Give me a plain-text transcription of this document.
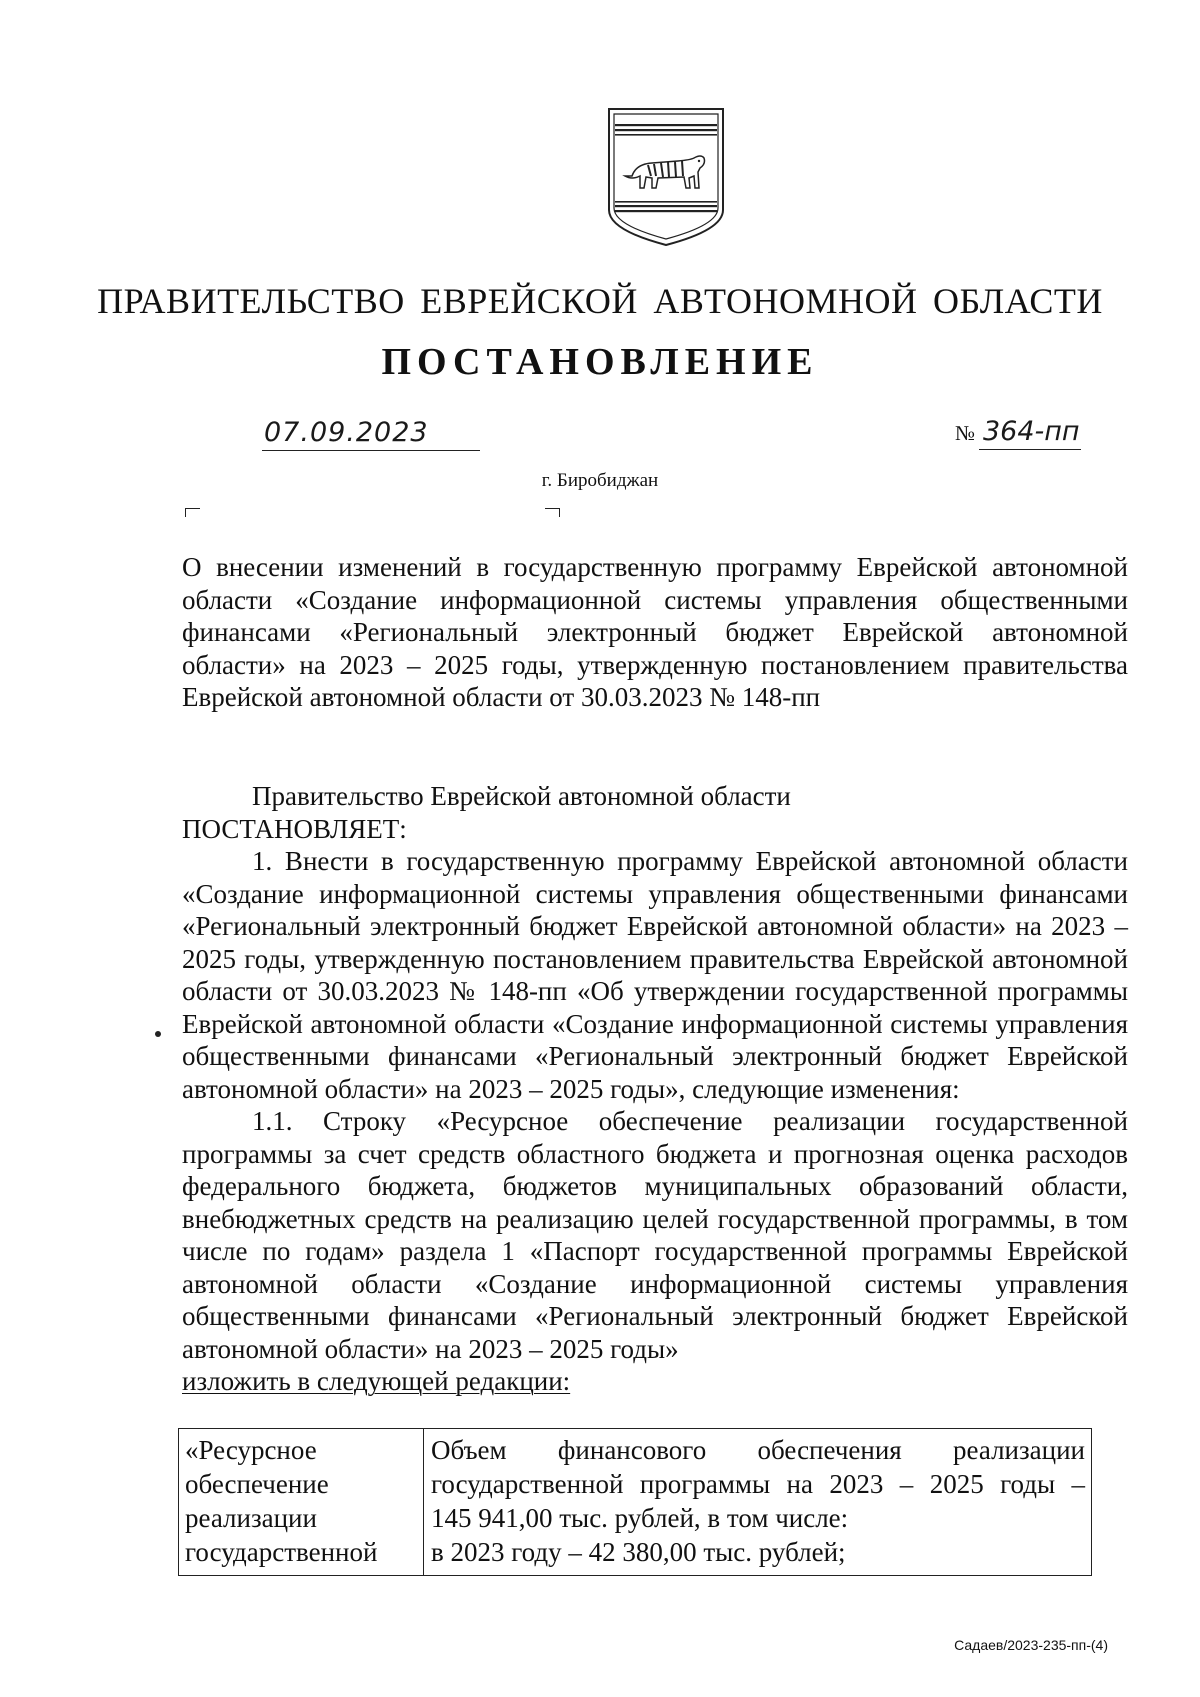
ПРАВИТЕЛЬСТВО ЕВРЕЙСКОЙ АВТОНОМНОЙ ОБЛАСТИ
ПОСТАНОВЛЕНИЕ
07.09.2023	№ 364-пп
г. Биробиджан
О внесении изменений в государственную программу Еврейской автономной области «Создание информационной системы управления общественными финансами «Региональный электронный бюджет Еврейской автономной области» на 2023 – 2025 годы, утвержденную постановлением правительства Еврейской автономной области от 30.03.2023 № 148-пп

Правительство Еврейской автономной области

ПОСТАНОВЛЯЕТ:

1. Внести в государственную программу Еврейской автономной области «Создание информационной системы управления общественными финансами «Региональный электронный бюджет Еврейской автономной области» на 2023 – 2025 годы, утвержденную постановлением правительства Еврейской автономной области от 30.03.2023 № 148-пп «Об утверждении государственной программы Еврейской автономной области «Создание информационной системы управления общественными финансами «Региональный электронный бюджет Еврейской автономной области» на 2023 – 2025 годы», следующие изменения:

1.1. Строку «Ресурсное обеспечение реализации государственной программы за счет средств областного бюджета и прогнозная оценка расходов федерального бюджета, бюджетов муниципальных образований области, внебюджетных средств на реализацию целей государственной программы, в том числе по годам» раздела 1 «Паспорт государственной программы Еврейской автономной области «Создание информационной системы управления общественными финансами «Региональный электронный бюджет Еврейской автономной области» на 2023 – 2025 годы»

изложить в следующей редакции:

«Ресурсное
обеспечение
реализации
государственной
Объем финансового обеспечения реализации
государственной программы на 2023 – 2025 годы –
145 941,00 тыс. рублей, в том числе:
в 2023 году – 42 380,00 тыс. рублей;
Садаев/2023-235-пп-(4)
